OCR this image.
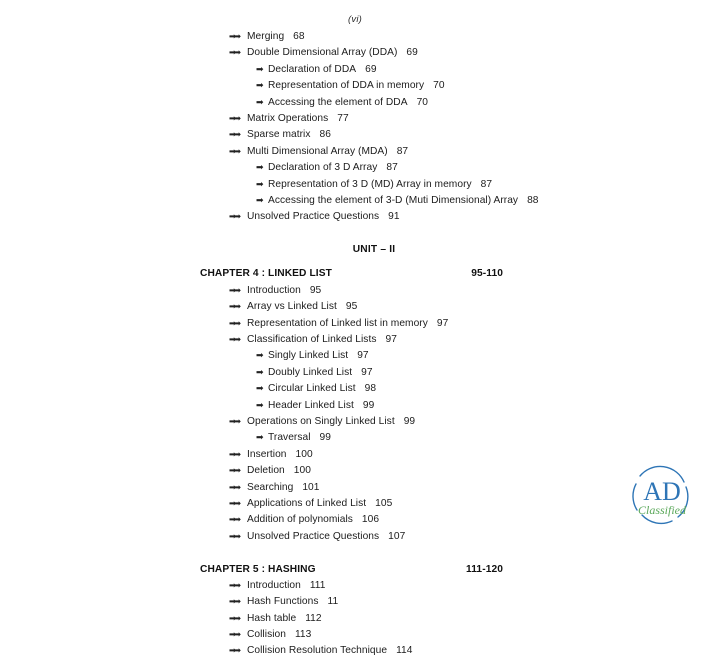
(vi)
➡➡ Merging 68
➡➡ Double Dimensional Array (DDA) 69
➡ Declaration of DDA 69
➡ Representation of DDA in memory 70
➡ Accessing the element of DDA 70
➡➡ Matrix Operations 77
➡➡ Sparse matrix 86
➡➡ Multi Dimensional Array (MDA) 87
➡ Declaration of 3 D Array 87
➡ Representation of 3 D (MD) Array in memory 87
➡ Accessing the element of 3-D (Muti Dimensional) Array 88
➡➡ Unsolved Practice Questions 91
UNIT – II
CHAPTER 4 : LINKED LIST	95-110
➡➡ Introduction 95
➡➡ Array vs Linked List 95
➡➡ Representation of Linked list in memory 97
➡➡ Classification of Linked Lists 97
➡ Singly Linked List 97
➡ Doubly Linked List 97
➡ Circular Linked List 98
➡ Header Linked List 99
➡➡ Operations on Singly Linked List 99
➡ Traversal 99
➡➡ Insertion 100
➡➡ Deletion 100
➡➡ Searching 101
➡➡ Applications of Linked List 105
➡➡ Addition of polynomials 106
➡➡ Unsolved Practice Questions 107
CHAPTER 5 : HASHING	111-120
➡➡ Introduction 111
➡➡ Hash Functions 11
➡➡ Hash table 112
➡➡ Collision 113
➡➡ Collision Resolution Technique 114
AD
Classified
